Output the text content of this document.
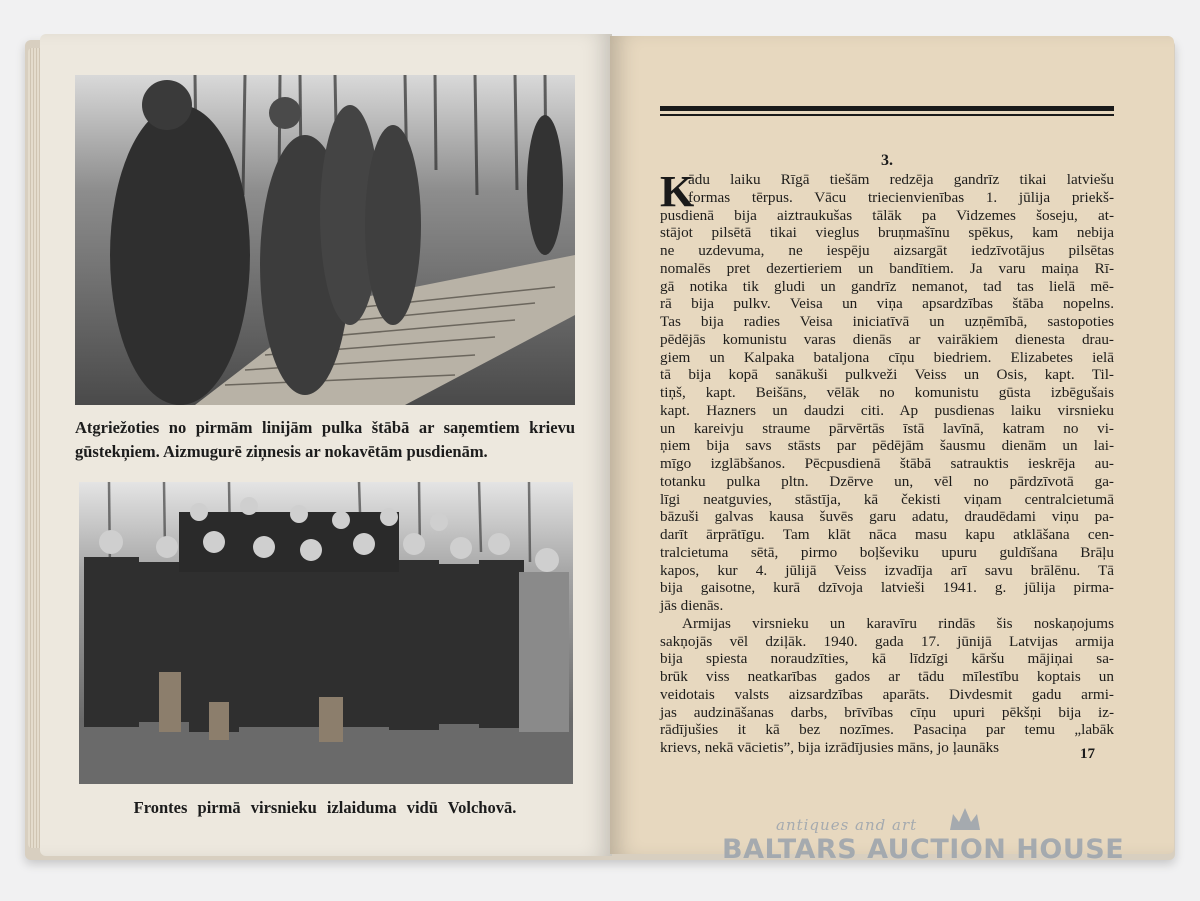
Atgriežoties no pirmām linijām pulka štābā ar saņemtiem krievu
gūstekņiem. Aizmugurē ziņnesis ar nokavētām pusdienām.
Frontes pirmā virsnieku izlaiduma vidū Volchovā.
3.
K
ādu laiku Rīgā tiešām redzēja gandrīz tikai latviešu
formas tērpus. Vācu triecienvienības 1. jūlija priekš-
pusdienā bija aiztraukušas tālāk pa Vidzemes šoseju, at-
stājot pilsētā tikai vieglus bruņmašīnu spēkus, kam nebija
ne uzdevuma, ne iespēju aizsargāt iedzīvotājus pilsētas
nomalēs pret dezertieriem un bandītiem. Ja varu maiņa Rī-
gā notika tik gludi un gandrīz nemanot, tad tas lielā mē-
rā bija pulkv. Veisa un viņa apsardzības štāba nopelns.
Tas bija radies Veisa iniciatīvā un uzņēmībā, sastopoties
pēdējās komunistu varas dienās ar vairākiem dienesta drau-
giem un Kalpaka bataljona cīņu biedriem. Elizabetes ielā
tā bija kopā sanākuši pulkveži Veiss un Osis, kapt. Til-
tiņš, kapt. Beišāns, vēlāk no komunistu gūsta izbēgušais
kapt. Hazners un daudzi citi. Ap pusdienas laiku virsnieku
un kareivju straume pārvērtās īstā lavīnā, katram no vi-
ņiem bija savs stāsts par pēdējām šausmu dienām un lai-
mīgo izglābšanos. Pēcpusdienā štābā satrauktis ieskrēja au-
totanku pulka pltn. Dzērve un, vēl no pārdzīvotā ga-
līgi neatguvies, stāstīja, kā čekisti viņam centralcietumā
bāzuši galvas kausa šuvēs garu adatu, draudēdami viņu pa-
darīt ārprātīgu. Tam klāt nāca masu kapu atklāšana cen-
tralcietuma sētā, pirmo boļševiku upuru guldīšana Brāļu
kapos, kur 4. jūlijā Veiss izvadīja arī savu brālēnu. Tā
bija gaisotne, kurā dzīvoja latvieši 1941. g. jūlija pirma-
jās dienās.
Armijas virsnieku un karavīru rindās šis noskaņojums
sakņojās vēl dziļāk. 1940. gada 17. jūnijā Latvijas armija
bija spiesta noraudzīties, kā līdzīgi kāršu mājiņai sa-
brūk viss neatkarības gados ar tādu mīlestību koptais un
veidotais valsts aizsardzības aparāts. Divdesmit gadu armi-
jas audzināšanas darbs, brīvības cīņu upuri pēkšņi bija iz-
rādījušies it kā bez nozīmes. Pasaciņa par temu „labāk
krievs, nekā vācietis”, bija izrādījusies māns, jo ļaunāks	17
antiques and art
BALTARS AUCTION HOUSE
